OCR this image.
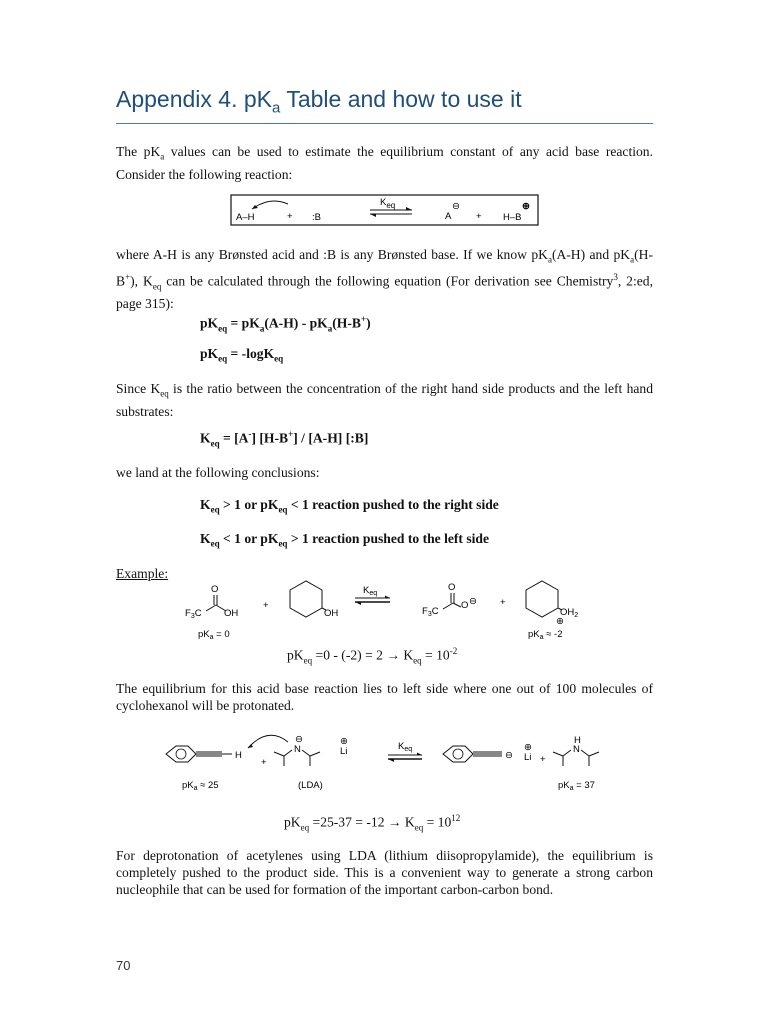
Appendix 4. $pK_a$ Table and how to use it
The $pK_a$ values can be used to estimate the equilibrium constant of any acid base reaction. Consider the following reaction:
A–H	+ :B
$K_{eq}$
A
⊖
+ H–B
⊕
where A-H is any Brønsted acid and :B is any Brønsted base. If we know $pK_a(A-H)$ and $pK_a(H-B^+)$, $K_{eq}$ can be calculated through the following equation (For derivation see Chemistry$^3$, 2:ed, page 315):
$pK_{eq} = pK_a(A-H) - pK_a(H-B^+)$
$pK_{eq} = -\log K_{eq}$
Since $K_{eq}$ is the ratio between the concentration of the right hand side products and the left hand substrates:
$K_{eq} = [A^-]$ [H-B+] / [A-H] [:B]
we land at the following conclusions:
$K_{eq} > 1$ or $pK_{eq} < 1$ reaction pushed to the right side
$K_{eq} < 1$ or $pK_{eq} > 1$ reaction pushed to the left side
Example:
O
$F_3C$ OH
+
OH
$K_{eq}$
O
$F_3C$
O ⊖ +
$OH_2$
⊕
$pK_a = 0$	$pK_a \approx -2$
$pK_{eq} =0 - (-2) = 2 \to K_{eq} = 10^{-2}$
The equilibrium for this acid base reaction lies to left side where one out of 100 molecules of cyclohexanol will be protonated.
H
+
⊖
N
⊕
Li
(LDA)
$K_{eq}$
⊖
⊕
Li +
H
N
$pK_a \approx 25$	$pK_a = 37$
$pK_{eq} =25-37 = -12 \to K_{eq} = 10^{12}$
For deprotonation of acetylenes using LDA (lithium diisopropylamide), the equilibrium is completely pushed to the product side. This is a convenient way to generate a strong carbon nucleophile that can be used for formation of the important carbon-carbon bond.
70
